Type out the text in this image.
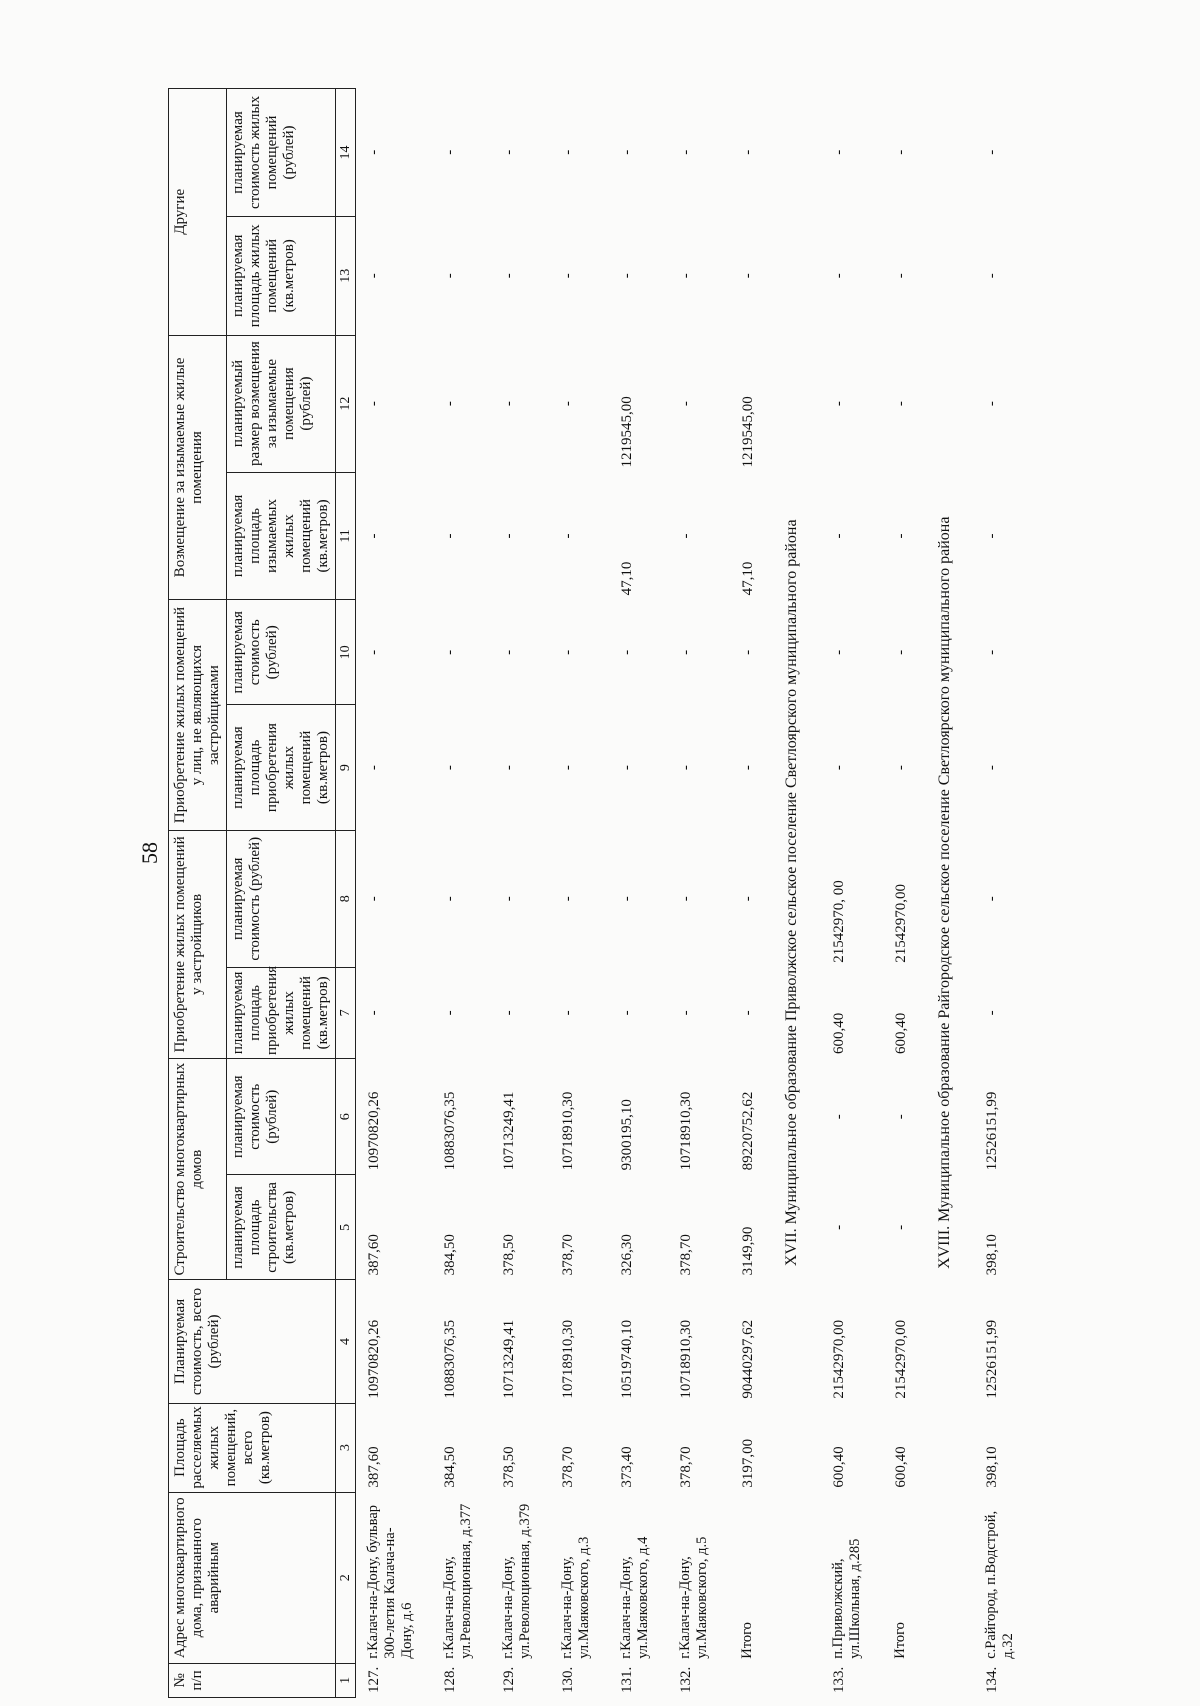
58
№ п/п	Адрес многоквартирного дома, признанного аварийным	Площадь расселяемых жилых помещений, всего (кв.метров)	Планируемая стоимость, всего (рублей)	Строительство многоквартирных домов		Приобретение жилых помещений у застройщиков		Приобретение жилых помещений у лиц, не являющихся застройщиками		Возмещение за изымаемые жилые помещения		Другие	
				планируемая площадь строительства (кв.метров)	планируемая стоимость (рублей)	планируемая площадь приобретения жилых помещений (кв.метров)	планируемая стоимость (рублей)	планируемая площадь приобретения жилых помещений (кв.метров)	планируемая стоимость (рублей)	планируемая площадь изымаемых жилых помещений (кв.метров)	планируемый размер возмещения за изымаемые помещения (рублей)	планируемая площадь жилых помещений (кв.метров)	планируемая стоимость жилых помещений (рублей)
1	2	3	4	5	6	7	8	9	10	11	12	13	14
127.	г.Калач-на-Дону, бульвар 300-летия Калача-на-Дону, д.6	387,60	10970820,26	387,60	10970820,26	-	-	-	-	-	-	-	-
128.	г.Калач-на-Дону, ул.Революционная, д.377	384,50	10883076,35	384,50	10883076,35	-	-	-	-	-	-	-	-
129.	г.Калач-на-Дону, ул.Революционная, д.379	378,50	10713249,41	378,50	10713249,41	-	-	-	-	-	-	-	-
130.	г.Калач-на-Дону, ул.Маяковского, д.3	378,70	10718910,30	378,70	10718910,30	-	-	-	-	-	-	-	-
131.	г.Калач-на-Дону, ул.Маяковского, д.4	373,40	10519740,10	326,30	9300195,10	-	-	-	-	47,10	1219545,00	-	-
132.	г.Калач-на-Дону, ул.Маяковского, д.5	378,70	10718910,30	378,70	10718910,30	-	-	-	-	-	-	-	-
	Итого	3197,00	90440297,62	3149,90	89220752,62	-	-	-	-	47,10	1219545,00	-	-
XVII. Муниципальное образование Приволжское сельское поселение Светлоярского муниципального района													
133.	п.Приволжский, ул.Школьная, д.285	600,40	21542970,00	-	-	600,40	21542970, 00	-	-	-	-	-	-
	Итого	600,40	21542970,00	-	-	600,40	21542970,00	-	-	-	-	-	-
XVIII. Муниципальное образование Райгородское сельское поселение Светлоярского муниципального района													
134.	с.Райгород, п.Водстрой, д.32	398,10	12526151,99	398,10	12526151,99	-	-	-	-	-	-	-	-
